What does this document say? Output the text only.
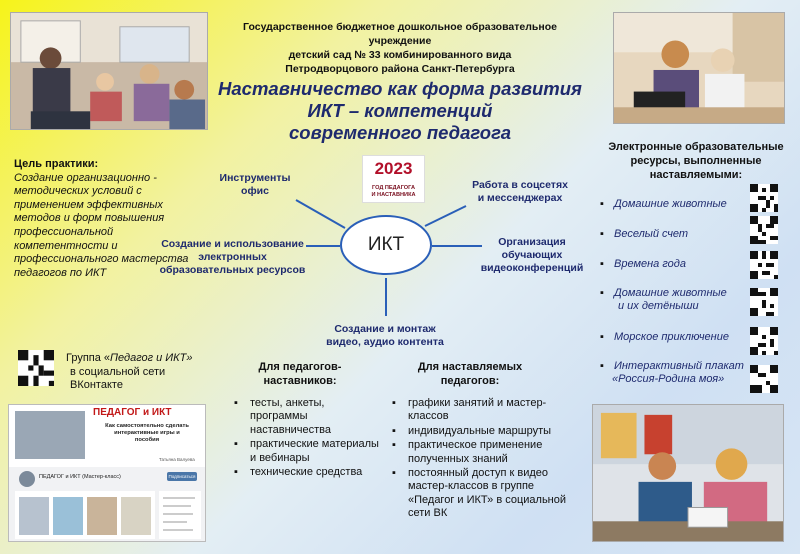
Государственное бюджетное дошкольное образовательное учреждение
детский сад № 33 комбинированного вида
Петродворцового района Санкт-Петербурга
Наставничество как форма развития
ИКТ – компетенций
современного педагога
Цель практики:
Создание организационно - методических условий с применением эффективных методов и форм повышения профессиональной компетентности и профессионального мастерства педагогов по ИКТ
2023
ГОД ПЕДАГОГА
И НАСТАВНИКА
ИКТ
Инструменты
офис	Работа в соцсетях
и мессенджерах
Создание и использование
электронных
образовательных ресурсов
Организация
обучающих
видеоконференций
Создание и монтаж
видео, аудио контента
Электронные образовательные
ресурсы, выполненные
наставляемыми:
▪ Домашние животные
▪ Веселый счет
▪ Времена года
▪ Домашние животные
и их детёныши
▪ Морское приключение
▪ Интерактивный плакат
«Россия-Родина моя»
Группа «Педагог и ИКТ»
в социальной сети
ВКонтакте
ПЕДАГОГ и ИКТ
Как самостоятельно сделать
интерактивные игры и
пособия
Татьяна Валуева
ПЕДАГОГ и ИКТ (Мастер-класс)	Подписаться
Для педагогов-
наставников:
▪ тесты, анкеты, программы наставничества
▪ практические материалы и вебинары
▪ технические средства
Для наставляемых
педагогов:
▪ графики занятий и мастер-классов
▪ индивидуальные маршруты
▪ практическое применение полученных знаний
▪ постоянный доступ к видео мастер-классов в группе «Педагог и ИКТ» в социальной сети ВК
